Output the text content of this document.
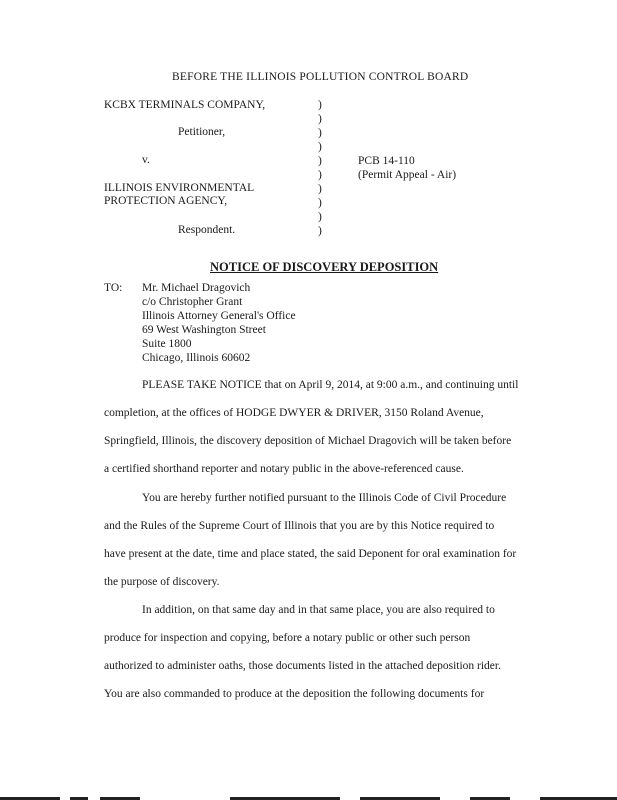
BEFORE THE ILLINOIS POLLUTION CONTROL BOARD
KCBX TERMINALS COMPANY,
Petitioner,
v.
ILLINOIS ENVIRONMENTAL
PROTECTION AGENCY,
Respondent.
)
)
)
)
)
)
)
)
)
)
PCB 14-110
(Permit Appeal - Air)
NOTICE OF DISCOVERY DEPOSITION
TO: Mr. Michael Dragovich
c/o Christopher Grant
Illinois Attorney General's Office
69 West Washington Street
Suite 1800
Chicago, Illinois 60602
PLEASE TAKE NOTICE that on April 9, 2014, at 9:00 a.m., and continuing until
completion, at the offices of HODGE DWYER & DRIVER, 3150 Roland Avenue,
Springfield, Illinois, the discovery deposition of Michael Dragovich will be taken before
a certified shorthand reporter and notary public in the above-referenced cause.
You are hereby further notified pursuant to the Illinois Code of Civil Procedure
and the Rules of the Supreme Court of Illinois that you are by this Notice required to
have present at the date, time and place stated, the said Deponent for oral examination for
the purpose of discovery.
In addition, on that same day and in that same place, you are also required to
produce for inspection and copying, before a notary public or other such person
authorized to administer oaths, those documents listed in the attached deposition rider.
You are also commanded to produce at the deposition the following documents for
